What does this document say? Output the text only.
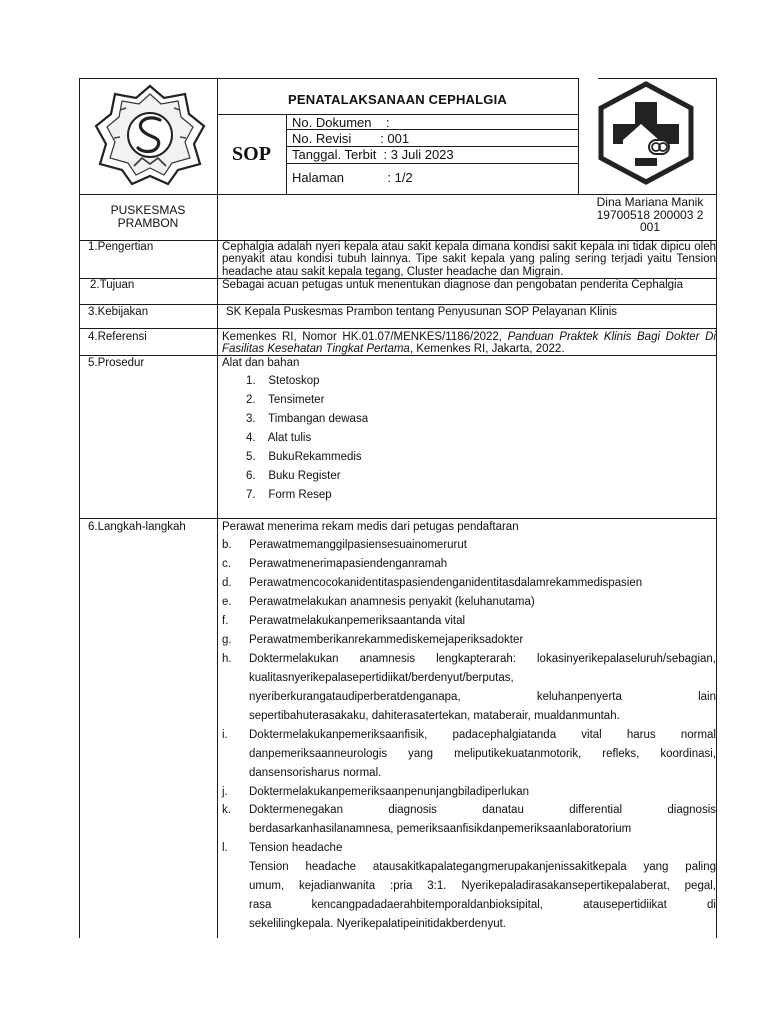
PENATALAKSANAAN CEPHALGIA
SOP
No. Dokumen    :
No. Revisi        : 001
Tanggal. Terbit  : 3 Juli 2023
Halaman            : 1/2
PUSKESMAS
PRAMBON
Dina Mariana Manik
19700518 200003 2
001
1.Pengertian	Cephalgia adalah nyeri kepala atau sakit kepala dimana kondisi sakit kepala ini tidak dipicu oleh penyakit atau kondisi tubuh lainnya. Tipe sakit kepala yang paling sering terjadi yaitu Tension headache atau sakit kepala tegang, Cluster headache dan Migrain.
2.Tujuan	Sebagai acuan petugas untuk menentukan diagnose dan pengobatan penderita Cephalgia
3.Kebijakan	SK Kepala Puskesmas Prambon tentang Penyusunan SOP Pelayanan Klinis
4.Referensi	Kemenkes RI, Nomor HK.01.07/MENKES/1186/2022, Panduan Praktek Klinis Bagi Dokter Di Fasilitas Kesehatan Tingkat Pertama, Kemenkes RI, Jakarta, 2022.
5.Prosedur	Alat dan bahan
1.    Stetoskop
2.    Tensimeter
3.    Timbangan dewasa
4.    Alat tulis
5.    BukuRekammedis
6.    Buku Register
7.    Form Resep
6.Langkah-langkah	Perawat menerima rekam medis dari petugas pendaftaran
b. Perawatmemanggilpasiensesuainomerurut
c. Perawatmenerimapasiendenganramah
d. Perawatmencocokanidentitaspasiendenganidentitasdalamrekammedispasien
e. Perawatmelakukan anamnesis penyakit (keluhanutama)
f. Perawatmelakukanpemeriksaantanda vital
g. Perawatmemberikanrekammediskemejaperiksadokter
h. Doktermelakukan anamnesis lengkapterarah: lokasinyerikepalaseluruh/sebagian,
kualitasnyerikepalasepertidiikat/berdenyut/berputas,
nyeriberkurangataudiperberatdenganapa,           keluhanpenyerta           lain
sepertibahuterasakaku, dahiterasatertekan, mataberair, mualdanmuntah.
i. Doktermelakukanpemeriksaanfisik,    padacephalgiatanda    vital    harus    normal
danpemeriksaanneurologis yang meliputikekuatanmotorik, refleks, koordinasi,
dansensorisharus normal.
j. Doktermelakukanpemeriksaanpenunjangbiladiperlukan
k. Doktermenegakan       diagnosis       danatau       differential       diagnosis
berdasarkanhasilanamnesa, pemeriksaanfisikdanpemeriksaanlaboratorium
l. Tension headache
Tension headache atausakitkapalategangmerupakanjenissakitkepala yang paling
umum, kejadianwanita :pria 3:1. Nyerikepaladirasakansepertikepalaberat, pegal,
rasa        kencangpadadaerahbitemporaldanbioksipital,        atausepertidiikat        di
sekelilingkepala. Nyerikepalatipeinitidakberdenyut.
